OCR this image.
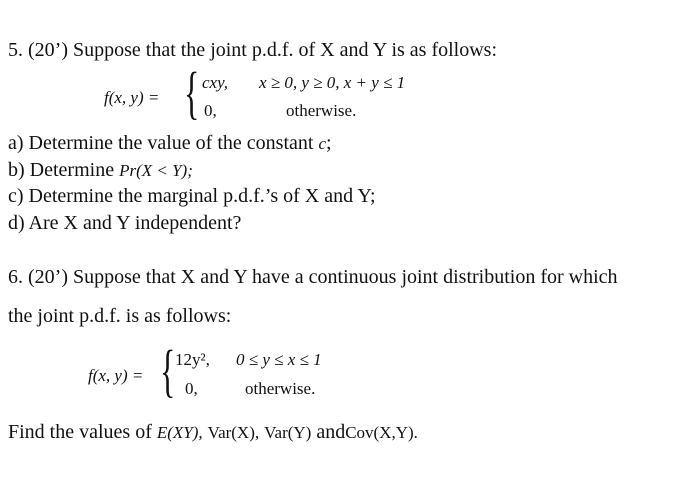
5. (20’) Suppose that the joint p.d.f. of X and Y is as follows:
f(x, y) = { cxy, x ≥ 0, y ≥ 0, x + y ≤ 1
0,	otherwise.
a) Determine the value of the constant c;
b) Determine Pr(X < Y);
c) Determine the marginal p.d.f.’s of X and Y;
d) Are X and Y independent?
6. (20’) Suppose that X and Y have a continuous joint distribution for which
the joint p.d.f. is as follows:
f(x, y) = { 12y², 0 ≤ y ≤ x ≤ 1
0,	otherwise.
Find the values of E(XY), Var(X), Var(Y) andCov(X,Y).
